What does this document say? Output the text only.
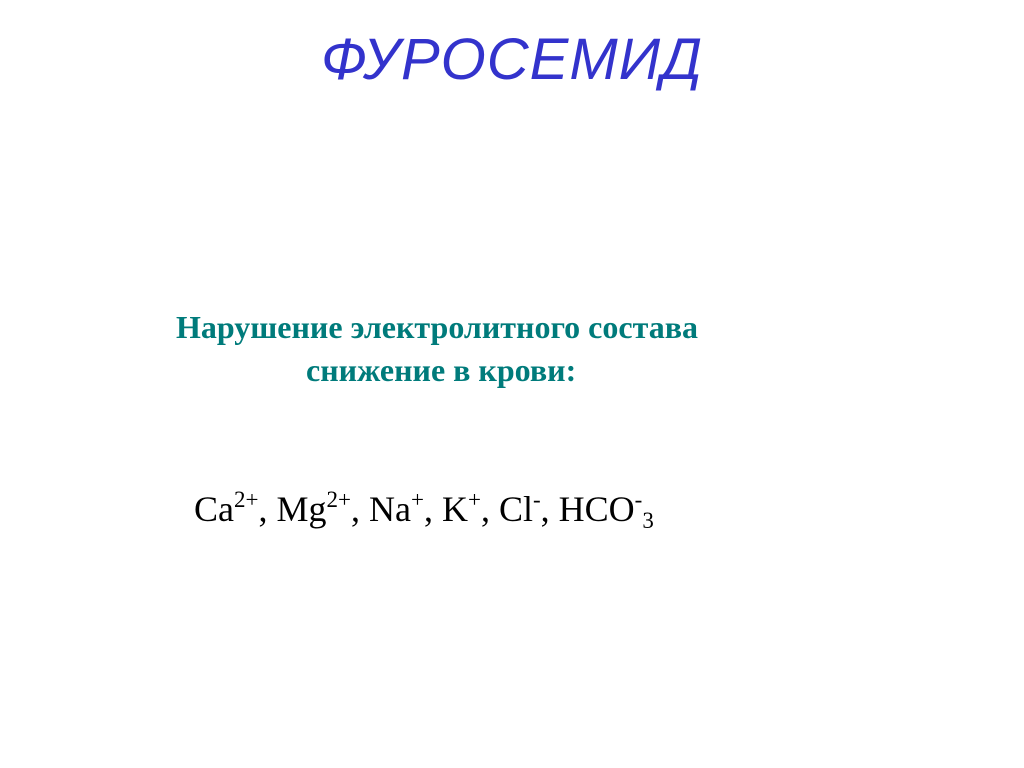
ФУРОСЕМИД
Нарушение электролитного состава
снижение в крови:
$Ca^{2+}$, $Mg^{2+}$, Na+, K+, Cl-, $HCO^-_3$
